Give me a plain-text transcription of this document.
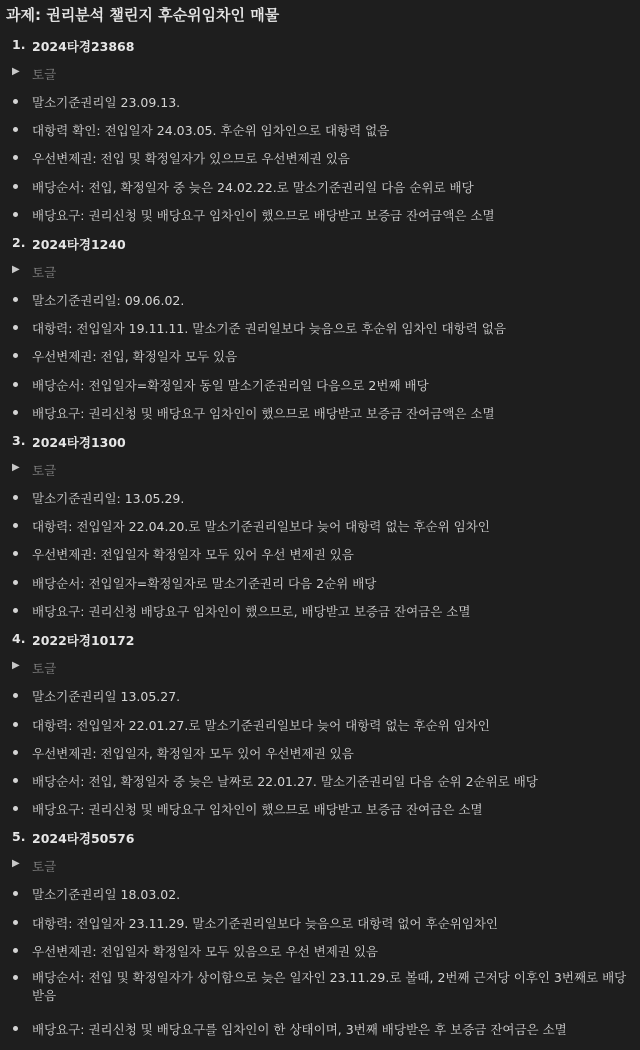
과제: 권리분석 챌린지 후순위임차인 매물
1. 2024타경23868
▶ 토글
말소기준권리일 23.09.13.
대항력 확인: 전입일자 24.03.05. 후순위 임차인으로 대항력 없음
우선변제권: 전입 및 확정일자가 있으므로 우선변제권 있음
배당순서: 전입, 확정일자 중 늦은 24.02.22.로 말소기준권리일 다음 순위로 배당
배당요구: 권리신청 및 배당요구 임차인이 했으므로 배당받고 보증금 잔여금액은 소멸
2. 2024타경1240
▶ 토글
말소기준권리일: 09.06.02.
대항력: 전입일자 19.11.11. 말소기준 권리일보다 늦음으로 후순위 임차인 대항력 없음
우선변제권: 전입, 확정일자 모두 있음
배당순서: 전입일자=확정일자 동일 말소기준권리일 다음으로 2번째 배당
배당요구: 권리신청 및 배당요구 임차인이 했으므로 배당받고 보증금 잔여금액은 소멸
3. 2024타경1300
▶ 토글
말소기준권리일: 13.05.29.
대항력: 전입일자 22.04.20.로 말소기준권리일보다 늦어 대항력 없는 후순위 임차인
우선변제권: 전입일자 확정일자 모두 있어 우선 변제권 있음
배당순서: 전입일자=확정일자로 말소기준권리 다음 2순위 배당
배당요구: 권리신청 배당요구 임차인이 했으므로, 배당받고 보증금 잔여금은 소멸
4. 2022타경10172
▶ 토글
말소기준권리일 13.05.27.
대항력: 전입일자 22.01.27.로 말소기준권리일보다 늦어 대항력 없는 후순위 임차인
우선변제권: 전입일자, 확정일자 모두 있어 우선변제권 있음
배당순서: 전입, 확정일자 중 늦은 날짜로 22.01.27. 말소기준권리일 다음 순위 2순위로 배당
배당요구: 권리신청 및 배당요구 임차인이 했으므로 배당받고 보증금 잔여금은 소멸
5. 2024타경50576
▶ 토글
말소기준권리일 18.03.02.
대항력: 전입일자 23.11.29. 말소기준권리일보다 늦음으로 대항력 없어 후순위임차인
우선변제권: 전입일자 확정일자 모두 있음으로 우선 변제권 있음
배당순서: 전입 및 확정일자가 상이함으로 늦은 일자인 23.11.29.로 볼때, 2번째 근저당 이후인 3번째로 배당받음
배당요구: 권리신청 및 배당요구를 임차인이 한 상태이며, 3번째 배당받은 후 보증금 잔여금은 소멸
